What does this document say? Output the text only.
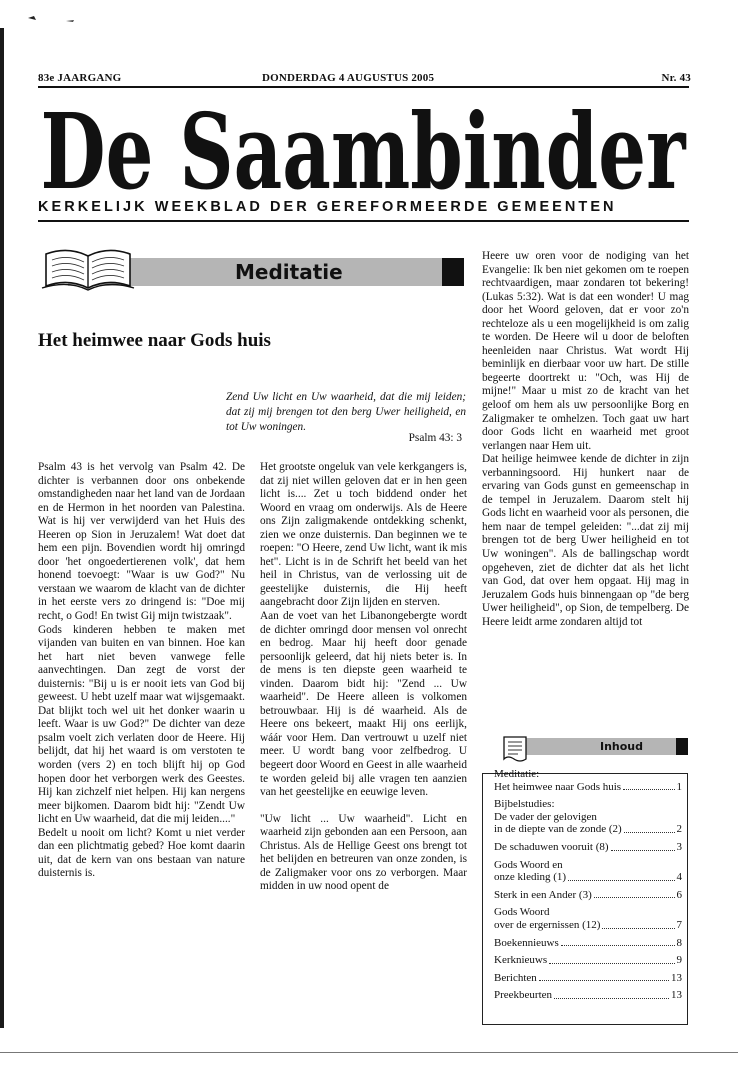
83e JAARGANG	DONDERDAG 4 AUGUSTUS 2005	Nr. 43
De Saambinder
KERKELIJK WEEKBLAD DER GEREFORMEERDE GEMEENTEN
Meditatie
Het heimwee naar Gods huis
Zend Uw licht en Uw waarheid, dat die mij leiden; dat zij mij brengen tot den berg Uwer heiligheid, en tot Uw woningen.
Psalm 43: 3

Psalm 43 is het vervolg van Psalm 42. De dichter is verbannen door ons onbekende omstandigheden naar het land van de Jordaan en de Hermon in het noorden van Palestina. Wat is hij ver verwijderd van het Huis des Heeren op Sion in Jeruzalem! Wat doet dat hem een pijn. Bovendien wordt hij omringd door 'het ongoedertierenen volk', dat hem honend toevoegt: "Waar is uw God?" Nu verstaan we waarom de klacht van de dichter in het eerste vers zo dringend is: "Doe mij recht, o God! En twist Gij mijn twistzaak".

Gods kinderen hebben te maken met vijanden van buiten en van binnen. Hoe kan het hart niet beven vanwege felle aanvechtingen. Dan zegt de vorst der duisternis: "Bij u is er nooit iets van God bij geweest. U hebt uzelf maar wat wijsgemaakt. Dat blijkt toch wel uit het donker waarin u leeft. Waar is uw God?" De dichter van deze psalm voelt zich verlaten door de Heere. Hij belijdt, dat hij het waard is om verstoten te worden (vers 2) en toch blijft hij op God hopen door het verborgen werk des Geestes. Hij kan zichzelf niet helpen. Hij kan nergens meer bijkomen. Daarom bidt hij: "Zendt Uw licht en Uw waarheid, dat die mij leiden...."

Bedelt u nooit om licht? Komt u niet verder dan een plichtmatig gebed? Hoe komt daarin uit, dat de kern van ons bestaan van nature duisternis is.

Het grootste ongeluk van vele kerkgangers is, dat zij niet willen geloven dat er in hen geen licht is.... Zet u toch biddend onder het Woord en vraag om onderwijs. Als de Heere ons Zijn zaligmakende ontdekking schenkt, zien we onze duisternis. Dan beginnen we te roepen: "O Heere, zend Uw licht, want ik mis het". Licht is in de Schrift het beeld van het heil in Christus, van de verlossing uit de geestelijke duisternis, die Hij heeft aangebracht door Zijn lijden en sterven.

Aan de voet van het Libanongebergte wordt de dichter omringd door mensen vol onrecht en bedrog. Maar hij heeft door genade persoonlijk geleerd, dat hij niets beter is. In de mens is ten diepste geen waarheid te vinden. Daarom bidt hij: "Zend ... Uw waarheid". De Heere alleen is volkomen betrouwbaar. Hij is dé waarheid. Als de Heere ons bekeert, maakt Hij ons eerlijk, wáár voor Hem. Dan vertrouwt u uzelf niet meer. U wordt bang voor zelfbedrog. U begeert door Woord en Geest in alle waarheid te worden geleid bij alle vragen ten aanzien van het geestelijke en eeuwige leven.

"Uw licht ... Uw waarheid". Licht en waarheid zijn gebonden aan een Persoon, aan Christus. Als de Hellige Geest ons brengt tot het belijden en betreuren van onze zonden, is de Zaligmaker voor ons zo verborgen. Maar midden in uw nood opent de

Heere uw oren voor de nodiging van het Evangelie: Ik ben niet gekomen om te roepen rechtvaardigen, maar zondaren tot bekering! (Lukas 5:32). Wat is dat een wonder! U mag door het Woord geloven, dat er voor zo'n rechteloze als u een mogelijkheid is om zalig te worden. De Heere wil u door de beloften heenleiden naar Christus. Wat wordt Hij beminlijk en dierbaar voor uw hart. De stille begeerte doortrekt u: "Och, was Hij de mijne!" Maar u mist zo de kracht van het geloof om hem als uw persoonlijke Borg en Zaligmaker te omhelzen. Toch gaat uw hart door Gods licht en waarheid met groot verlangen naar Hem uit.

Dat heilige heimwee kende de dichter in zijn verbanningsoord. Hij hunkert naar de ervaring van Gods gunst en gemeenschap in de tempel in Jeruzalem. Daarom stelt hij Gods licht en waarheid voor als personen, die hem naar de tempel geleiden: "...dat zij mij brengen tot de berg Uwer heiligheid en tot Uw woningen". Als de ballingschap wordt opgeheven, ziet de dichter dat als het licht van God, dat over hem opgaat. Hij mag in Jeruzalem Gods huis binnengaan op "de berg Uwer heiligheid", op Sion, de tempelberg. De Heere leidt arme zondaren altijd tot

Inhoud
Meditatie:
Het heimwee naar Gods huis	1
Bijbelstudies:
De vader der gelovigen
in de diepte van de zonde (2)	2
De schaduwen vooruit (8)	3
Gods Woord en
onze kleding (1)	4
Sterk in een Ander (3)	6
Gods Woord
over de ergernissen (12)	7
Boekennieuws	8
Kerknieuws	9
Berichten	13
Preekbeurten	13
